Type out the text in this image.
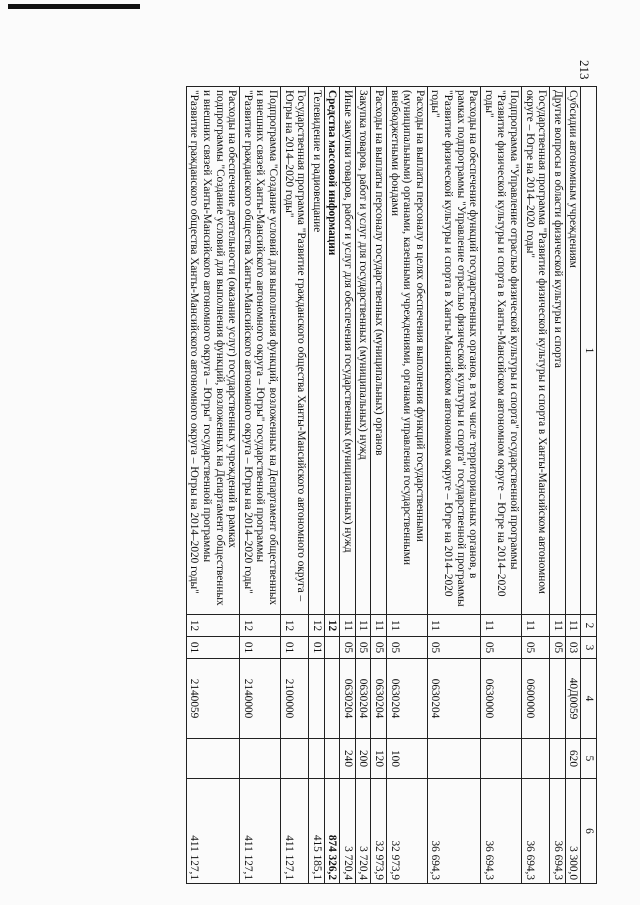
213
1	2	3	4	5	6
Субсидии автономным учреждениям	11	03	40Д0059	620	3 300,0
Другие вопросы в области физической культуры и спорта	11	05			36 694,3
Государственная программа "Развитие физической культуры и спорта в Ханты-Мансийском автономном округе – Югре на 2014–2020 годы"	11	05	0600000		36 694,3
Подпрограмма "Управление отраслью физической культуры и спорта" государственной программы "Развитие физической культуры и спорта в Ханты-Мансийском автономном округе – Югре на 2014–2020 годы"	11	05	0630000		36 694,3
Расходы на обеспечение функций государственных органов, в том числе территориальных органов, в рамках подпрограммы "Управление отраслью физической культуры и спорта" государственной программы "Развитие физической культуры и спорта в Ханты-Мансийском автономном округе – Югре на 2014–2020 годы"	11	05	0630204		36 694,3
Расходы на выплаты персоналу в целях обеспечения выполнения функций государственными (муниципальными) органами, казенными учреждениями, органами управления государственными внебюджетными фондами	11	05	0630204	100	32 973,9
Расходы на выплаты персоналу государственных (муниципальных) органов	11	05	0630204	120	32 973,9
Закупка товаров, работ и услуг для государственных (муниципальных) нужд	11	05	0630204	200	3 720,4
Иные закупки товаров, работ и услуг для обеспечения государственных (муниципальных) нужд	11	05	0630204	240	3 720,4
Средства массовой информации	12				874 326,2
Телевидение и радиовещание	12	01			415 185,1
Государственная программа "Развитие гражданского общества Ханты-Мансийского автономного округа – Югры на 2014–2020 годы"	12	01	2100000		411 127,1
Подпрограмма "Создание условий для выполнения функций, возложенных на Департамент общественных и внешних связей Ханты-Мансийского автономного округа – Югры" государственной программы "Развитие гражданского общества Ханты-Мансийского автономного округа – Югры на 2014–2020 годы"	12	01	2140000		411 127,1
Расходы на обеспечение деятельности (оказание услуг) государственных учреждений в рамках подпрограммы "Создание условий для выполнения функций, возложенных на Департамент общественных и внешних связей Ханты-Мансийского автономного округа – Югры" государственной программы "Развитие гражданского общества Ханты-Мансийского автономного округа – Югры на 2014–2020 годы"	12	01	2140059		411 127,1
